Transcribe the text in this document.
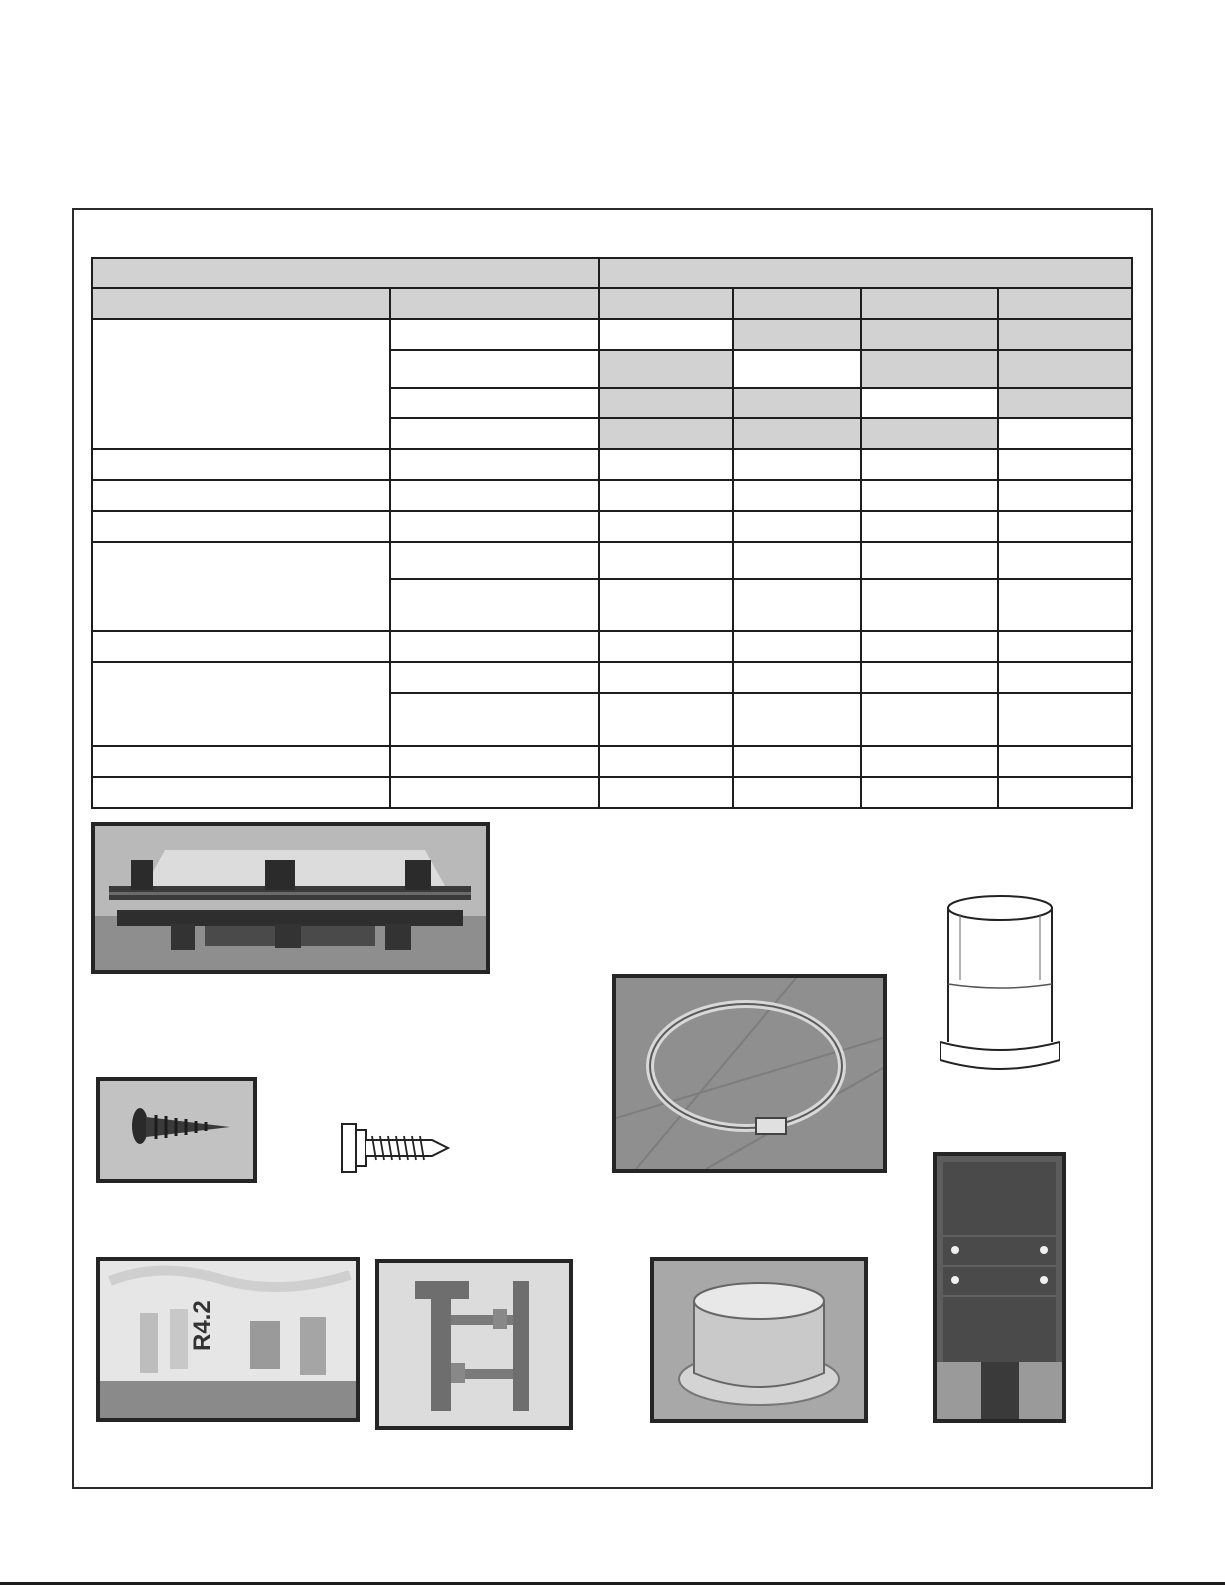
R4.2
